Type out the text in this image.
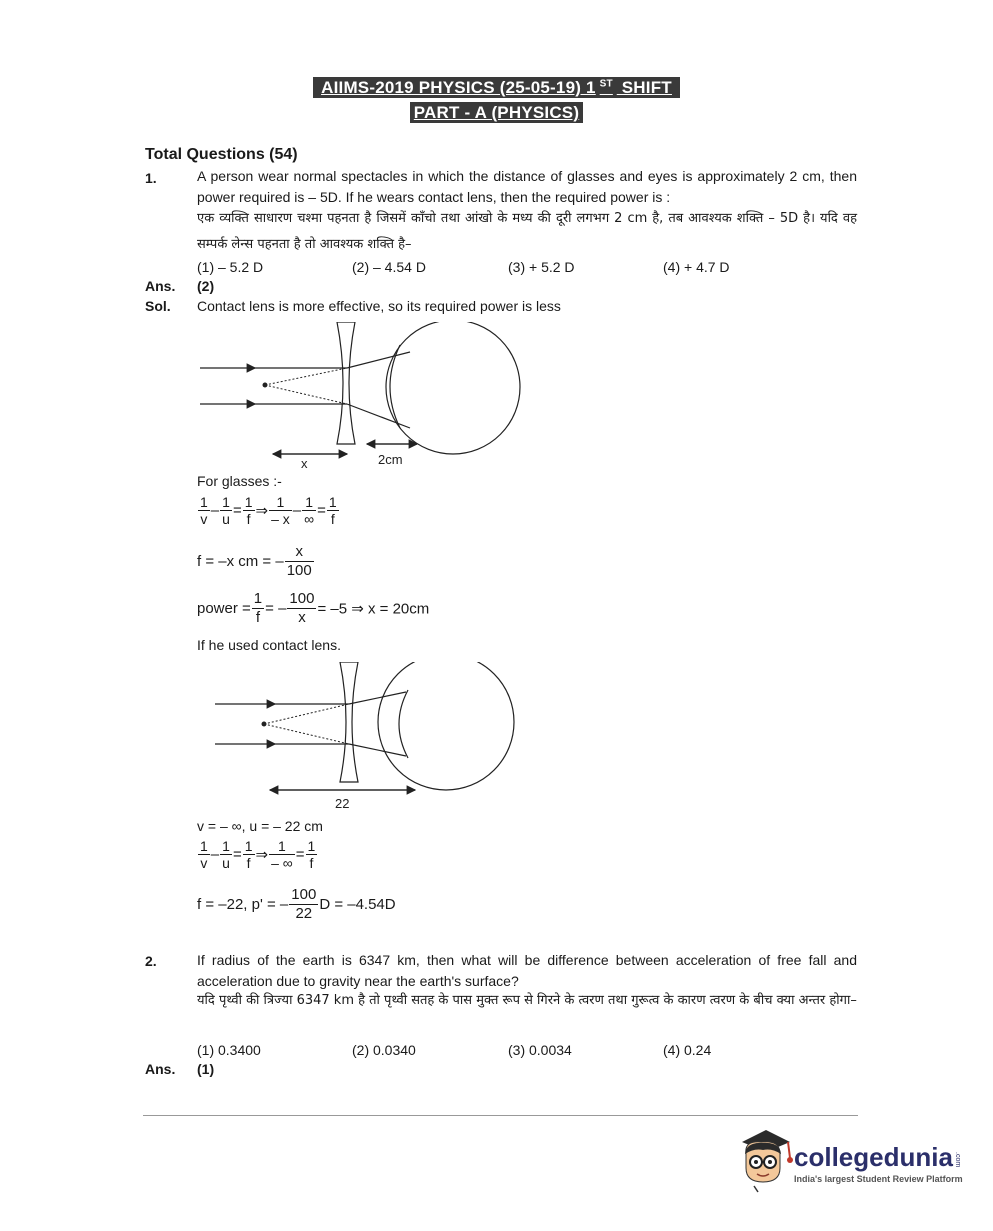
AIIMS-2019 PHYSICS (25-05-19) 1 $^{ST}$ SHIFT
PART - A (PHYSICS)
Total Questions (54)
1.	A person wear normal spectacles in which the distance of glasses and eyes is approximately 2 cm, then power required is – 5D. If he wears contact lens, then the required power is :
एक व्यक्ति साधारण चश्मा पहनता है जिसमें काँचो तथा आंखो के मध्य की दूरी लगभग 2 cm है, तब आवश्यक शक्ति – 5D है। यदि वह सम्पर्क लेन्स पहनता है तो आवश्यक शक्ति है–
(1) – 5.2 D	(2) – 4.54 D	(3) + 5.2 D	(4) + 4.7 D
Ans. (2)
Sol. Contact lens is more effective, so its required power is less
x	2cm
For glasses :-
$\frac{1}{v} - \frac{1}{u} = \frac{1}{f}$ ⇒ $\frac{1}{- x} - \frac{1}{\infty} = \frac{1}{f}$
f = –x cm = – $\frac{x}{100}$
power = $\frac{1}{f}$ = – $\frac{100}{x} = -5$ ⇒ x = 20cm
If he used contact lens.
22
v = – ∞, u = – 22 cm
$\frac{1}{v} - \frac{1}{u} = \frac{1}{f}$ ⇒ $\frac{1}{- \infty} = \frac{1}{f}$
f = –22, p' = – $\frac{100}{22}$ D = –4.54D
2.	If radius of the earth is 6347 km, then what will be difference between acceleration of free fall and acceleration due to gravity near the earth's surface?
यदि पृथ्वी की त्रिज्या 6347 km है तो पृथ्वी सतह के पास मुक्त रूप से गिरने के त्वरण तथा गुरूत्व के कारण त्वरण के बीच क्या अन्तर होगा–
(1) 0.3400	(2) 0.0340	(3) 0.0034	(4) 0.24
Ans. (1)
collegedunia .com
India's largest Student Review Platform
